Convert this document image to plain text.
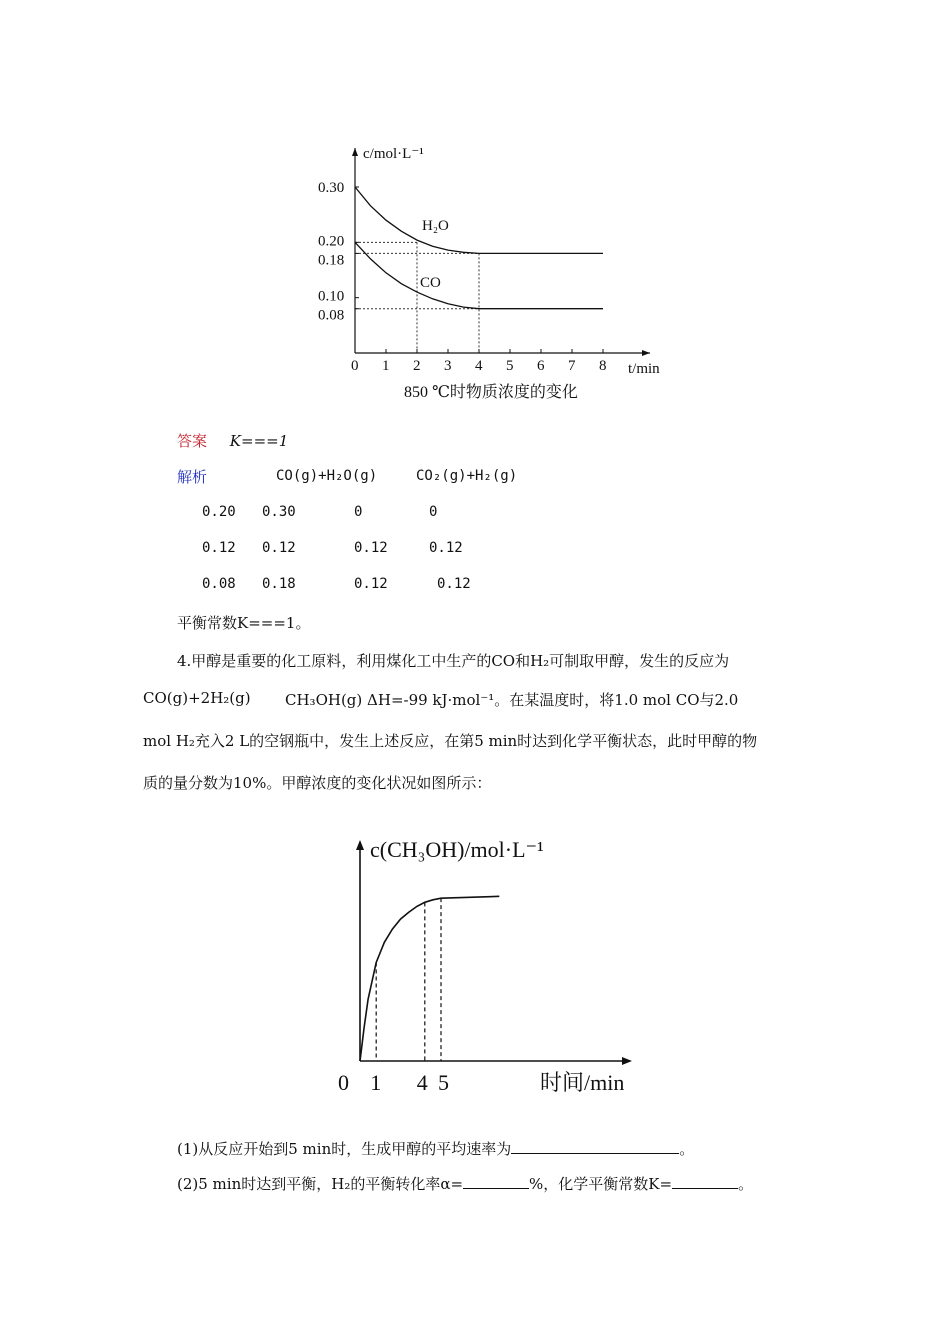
0 1 2 3 4 5 6 7 8
0.30
0.20
0.18
0.10
0.08
c/mol·L⁻¹
t/min
H₂O
CO
850 ℃时物质浓度的变化
答案 K===1
解析	CO(g)+H₂O(g)	CO₂(g)+H₂(g)
0.20 0.30	0	0
0.12 0.12	0.12	0.12
0.08 0.18	0.12	0.12
平衡常数K===1。
4.甲醇是重要的化工原料，利用煤化工中生产的CO和H₂可制取甲醇，发生的反应为
CO(g)+2H₂(g) CH₃OH(g) ΔH=-99 kJ·mol⁻¹。在某温度时，将1.0 mol CO与2.0
mol H₂充入2 L的空钢瓶中，发生上述反应，在第5 min时达到化学平衡状态，此时甲醇的物
质的量分数为10%。甲醇浓度的变化状况如图所示：
0 1 4 5
c(CH₃OH)/mol·L⁻¹
时间/min
(1)从反应开始到5 min时，生成甲醇的平均速率为	。
(2)5 min时达到平衡，H₂的平衡转化率α=	%，化学平衡常数K=	。
